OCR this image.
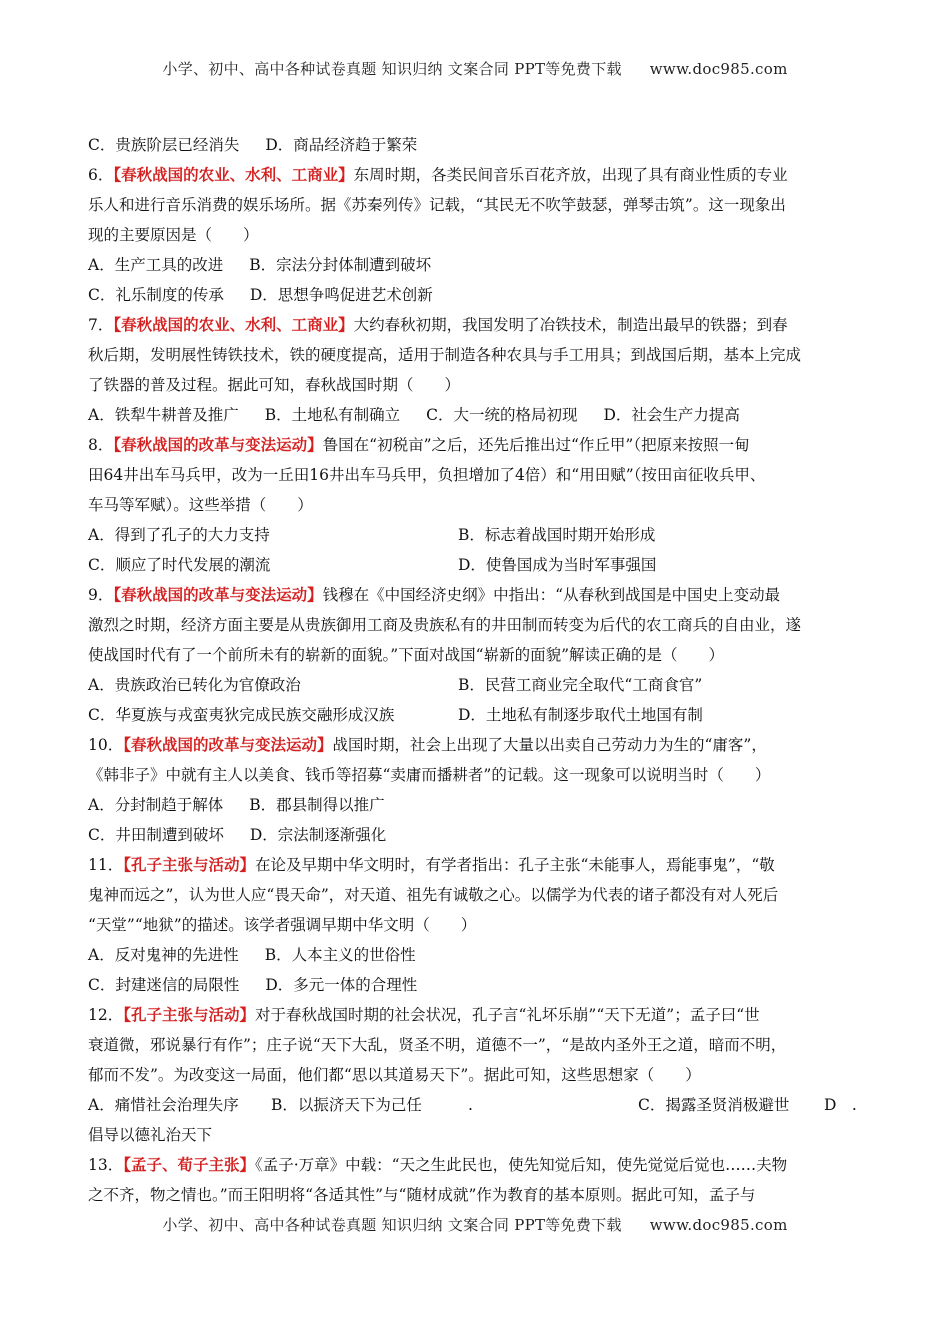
小学、初中、高中各种试卷真题 知识归纳 文案合同 PPT等免费下载 www.doc985.com
C．贵族阶层已经消失 D．商品经济趋于繁荣
6．【春秋战国的农业、水利、工商业】东周时期，各类民间音乐百花齐放，出现了具有商业性质的专业
乐人和进行音乐消费的娱乐场所。据《苏秦列传》记载，“其民无不吹竽鼓瑟，弹琴击筑”。这一现象出
现的主要原因是（　　）
A．生产工具的改进 B．宗法分封体制遭到破坏
C．礼乐制度的传承 D．思想争鸣促进艺术创新
7．【春秋战国的农业、水利、工商业】大约春秋初期，我国发明了冶铁技术，制造出最早的铁器；到春
秋后期，发明展性铸铁技术，铁的硬度提高，适用于制造各种农具与手工用具；到战国后期，基本上完成
了铁器的普及过程。据此可知，春秋战国时期（　　）
A．铁犁牛耕普及推广 B．土地私有制确立 C．大一统的格局初现 D．社会生产力提高
8．【春秋战国的改革与变法运动】鲁国在“初税亩”之后，还先后推出过“作丘甲”（把原来按照一甸
田64井出车马兵甲，改为一丘田16井出车马兵甲，负担增加了4倍）和“用田赋”（按田亩征收兵甲、
车马等军赋）。这些举措（　　）
A．得到了孔子的大力支持	B．标志着战国时期开始形成
C．顺应了时代发展的潮流	D．使鲁国成为当时军事强国
9．【春秋战国的改革与变法运动】钱穆在《中国经济史纲》中指出：“从春秋到战国是中国史上变动最
激烈之时期，经济方面主要是从贵族御用工商及贵族私有的井田制而转变为后代的农工商兵的自由业，遂
使战国时代有了一个前所未有的崭新的面貌。”下面对战国“崭新的面貌”解读正确的是（　　）
A．贵族政治已转化为官僚政治	B．民营工商业完全取代“工商食官”
C．华夏族与戎蛮夷狄完成民族交融形成汉族	D．土地私有制逐步取代土地国有制
10．【春秋战国的改革与变法运动】战国时期，社会上出现了大量以出卖自己劳动力为生的“庸客”，
《韩非子》中就有主人以美食、钱币等招募“卖庸而播耕者”的记载。这一现象可以说明当时（　　）
A．分封制趋于解体 B．郡县制得以推广
C．井田制遭到破坏 D．宗法制逐渐强化
11．【孔子主张与活动】在论及早期中华文明时，有学者指出：孔子主张“未能事人，焉能事鬼”，“敬
鬼神而远之”，认为世人应“畏天命”，对天道、祖先有诚敬之心。以儒学为代表的诸子都没有对人死后
“天堂”“地狱”的描述。该学者强调早期中华文明（　　）
A．反对鬼神的先进性 B．人本主义的世俗性
C．封建迷信的局限性 D．多元一体的合理性
12．【孔子主张与活动】对于春秋战国时期的社会状况，孔子言“礼坏乐崩”“天下无道”；孟子曰“世
衰道微，邪说暴行有作”；庄子说“天下大乱，贤圣不明，道德不一”，“是故内圣外王之道，暗而不明，
郁而不发”。为改变这一局面，他们都“思以其道易天下”。据此可知，这些思想家（　　）
A．痛惜社会治理失序 B．以振济天下为己任	.	C．揭露圣贤消极避世 D　.
倡导以德礼治天下
13．【孟子、荀子主张】《孟子·万章》中载：“天之生此民也，使先知觉后知，使先觉觉后觉也……夫物
之不齐，物之情也。”而王阳明将“各适其性”与“随材成就”作为教育的基本原则。据此可知，孟子与
小学、初中、高中各种试卷真题 知识归纳 文案合同 PPT等免费下载 www.doc985.com
